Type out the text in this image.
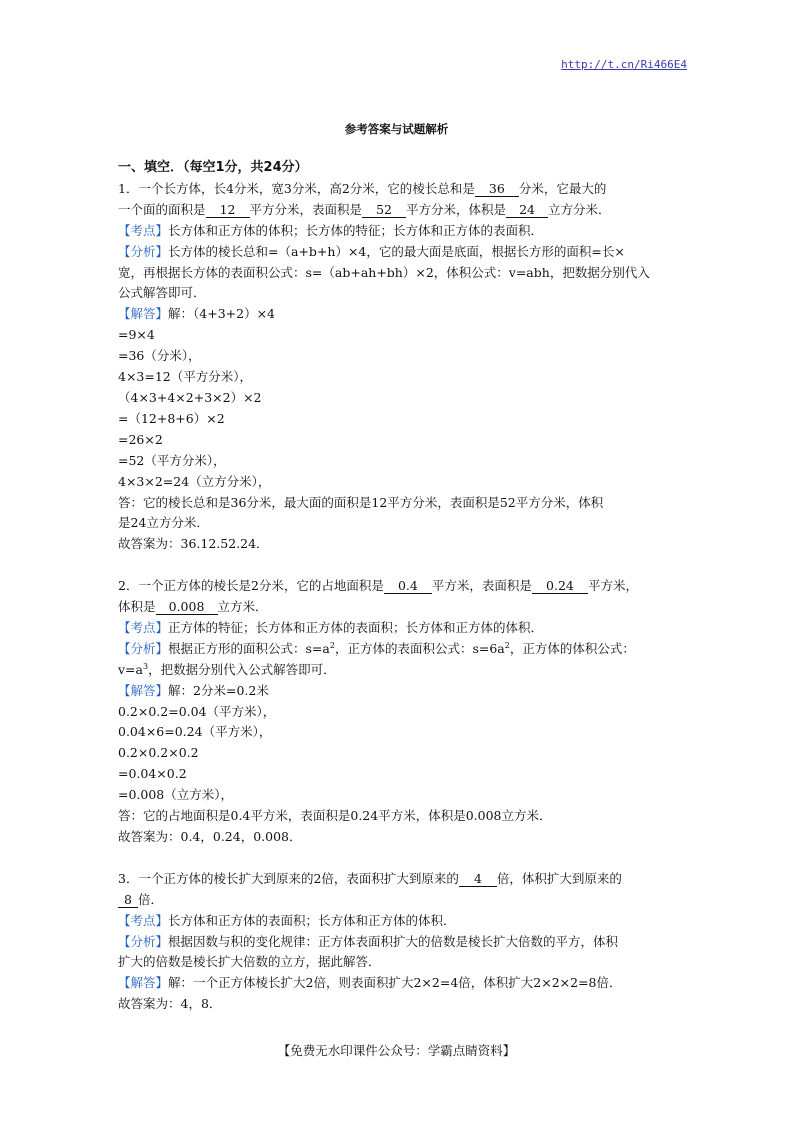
http://t.cn/Ri466E4
参考答案与试题解析
一、填空．（每空1分，共24分）
1．一个长方体，长4分米，宽3分米，高2分米，它的棱长总和是 36 分米，它最大的
一个面的面积是 12 平方分米，表面积是 52 平方分米，体积是 24 立方分米．
【考点】长方体和正方体的体积；长方体的特征；长方体和正方体的表面积．
【分析】长方体的棱长总和=（a+b+h）×4，它的最大面是底面，根据长方形的面积=长×
宽，再根据长方体的表面积公式：s=（ab+ah+bh）×2，体积公式：v=abh，把数据分别代入
公式解答即可．
【解答】解：（4+3+2）×4
=9×4
=36（分米），
4×3=12（平方分米），
（4×3+4×2+3×2）×2
=（12+8+6）×2
=26×2
=52（平方分米），
4×3×2=24（立方分米），
答：它的棱长总和是36分米，最大面的面积是12平方分米，表面积是52平方分米，体积
是24立方分米．
故答案为：36.12.52.24．
2．一个正方体的棱长是2分米，它的占地面积是 0.4 平方米，表面积是 0.24 平方米，
体积是 0.008 立方米．
【考点】正方体的特征；长方体和正方体的表面积；长方体和正方体的体积．
【分析】根据正方形的面积公式：$s=a^2$，正方体的表面积公式：$s=6a^2$，正方体的体积公式：
$v=a^3$，把数据分别代入公式解答即可．
【解答】解：2分米=0.2米
0.2×0.2=0.04（平方米），
0.04×6=0.24（平方米），
0.2×0.2×0.2
=0.04×0.2
=0.008（立方米），
答：它的占地面积是0.4平方米，表面积是0.24平方米，体积是0.008立方米．
故答案为：0.4，0.24，0.008．
3．一个正方体的棱长扩大到原来的2倍，表面积扩大到原来的 4 倍，体积扩大到原来的
8 倍．
【考点】长方体和正方体的表面积；长方体和正方体的体积．
【分析】根据因数与积的变化规律：正方体表面积扩大的倍数是棱长扩大倍数的平方，体积
扩大的倍数是棱长扩大倍数的立方，据此解答．
【解答】解：一个正方体棱长扩大2倍，则表面积扩大2×2=4倍，体积扩大2×2×2=8倍．
故答案为：4，8．
【免费无水印课件公众号：学霸点睛资料】
